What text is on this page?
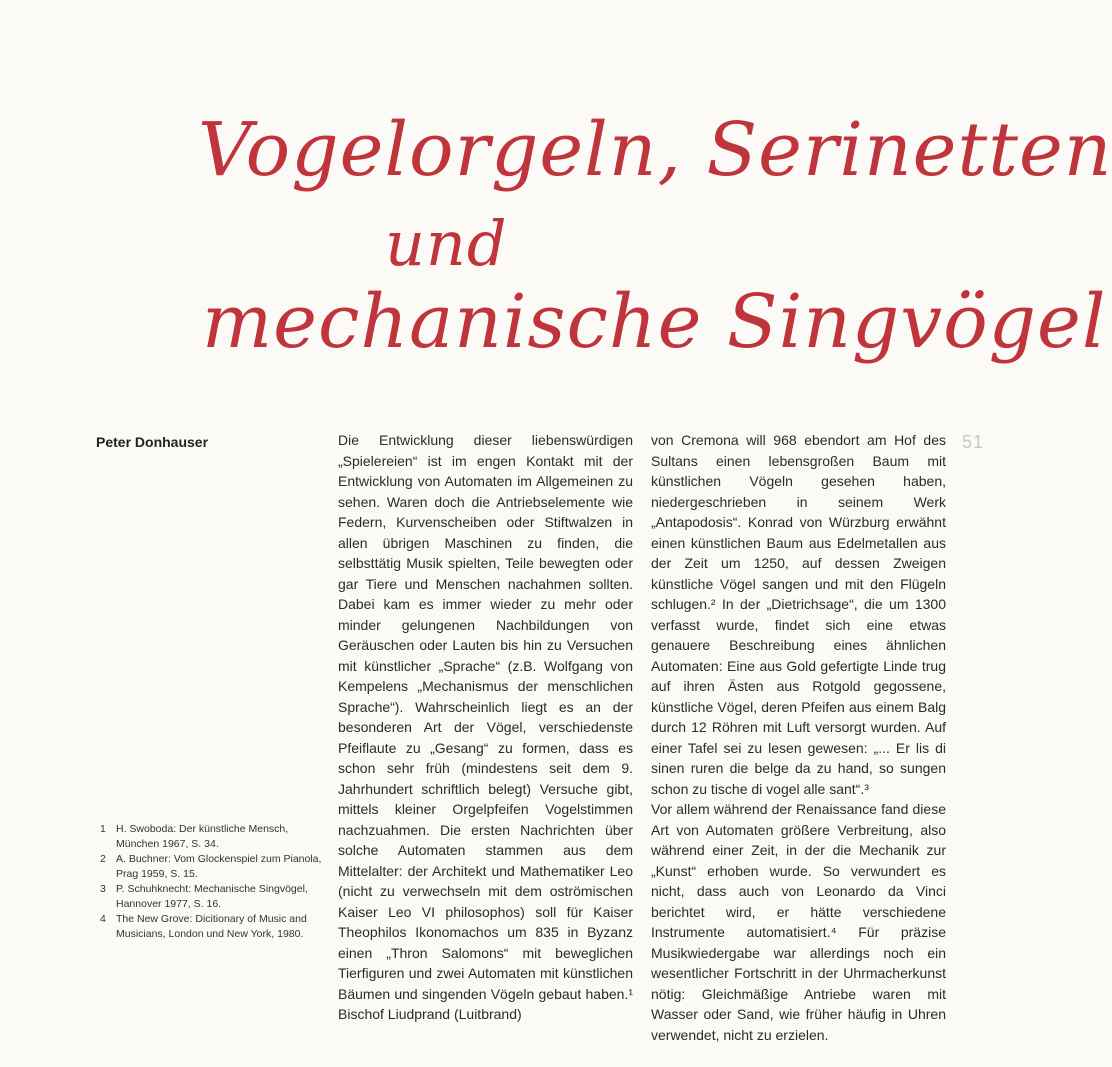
Vogelorgeln, Serinetten
und
mechanische Singvögel
Peter Donhauser	51

Die Entwicklung dieser liebenswürdigen „Spielereien“ ist im engen Kontakt mit der Entwicklung von Automaten im Allgemeinen zu sehen. Waren doch die Antriebselemente wie Federn, Kurvenscheiben oder Stiftwalzen in allen übrigen Maschinen zu finden, die selbsttätig Musik spielten, Teile bewegten oder gar Tiere und Menschen nachahmen sollten. Dabei kam es immer wieder zu mehr oder minder gelungenen Nachbildungen von Geräuschen oder Lauten bis hin zu Versuchen mit künstlicher „Sprache“ (z.B. Wolfgang von Kempelens „Mechanismus der menschlichen Sprache“). Wahrscheinlich liegt es an der besonderen Art der Vögel, verschiedenste Pfeiflaute zu „Gesang“ zu formen, dass es schon sehr früh (mindestens seit dem 9. Jahrhundert schriftlich belegt) Versuche gibt, mittels kleiner Orgelpfeifen Vogelstimmen nachzuahmen. Die ersten Nachrichten über solche Automaten stammen aus dem Mittelalter: der Architekt und Mathematiker Leo (nicht zu verwechseln mit dem oströmischen Kaiser Leo VI philosophos) soll für Kaiser Theophilos Ikonomachos um 835 in Byzanz einen „Thron Salomons“ mit beweglichen Tierfiguren und zwei Automaten mit künstlichen Bäumen und singenden Vögeln gebaut haben.¹ Bischof Liudprand (Luitbrand)

von Cremona will 968 ebendort am Hof des Sultans einen lebensgroßen Baum mit künstlichen Vögeln gesehen haben, niedergeschrieben in seinem Werk „Antapodosis“. Konrad von Würzburg erwähnt einen künstlichen Baum aus Edelmetallen aus der Zeit um 1250, auf dessen Zweigen künstliche Vögel sangen und mit den Flügeln schlugen.² In der „Dietrichsage“, die um 1300 verfasst wurde, findet sich eine etwas genauere Beschreibung eines ähnlichen Automaten: Eine aus Gold gefertigte Linde trug auf ihren Ästen aus Rotgold gegossene, künstliche Vögel, deren Pfeifen aus einem Balg durch 12 Röhren mit Luft versorgt wurden. Auf einer Tafel sei zu lesen gewesen: „... Er lis di sinen ruren die belge da zu hand, so sungen schon zu tische di vogel alle sant“.³

Vor allem während der Renaissance fand diese Art von Automaten größere Verbreitung, also während einer Zeit, in der die Mechanik zur „Kunst“ erhoben wurde. So verwundert es nicht, dass auch von Leonardo da Vinci berichtet wird, er hätte verschiedene Instrumente automatisiert.⁴ Für präzise Musikwiedergabe war allerdings noch ein wesentlicher Fortschritt in der Uhrmacherkunst nötig: Gleichmäßige Antriebe waren mit Wasser oder Sand, wie früher häufig in Uhren verwendet, nicht zu erzielen.

1 H. Swoboda: Der künstliche Mensch, München 1967, S. 34.
2 A. Buchner: Vom Glockenspiel zum Pianola, Prag 1959, S. 15.
3 P. Schuhknecht: Mechanische Singvögel, Hannover 1977, S. 16.
4 The New Grove: Dicitionary of Music and Musicians, London und New York, 1980.
